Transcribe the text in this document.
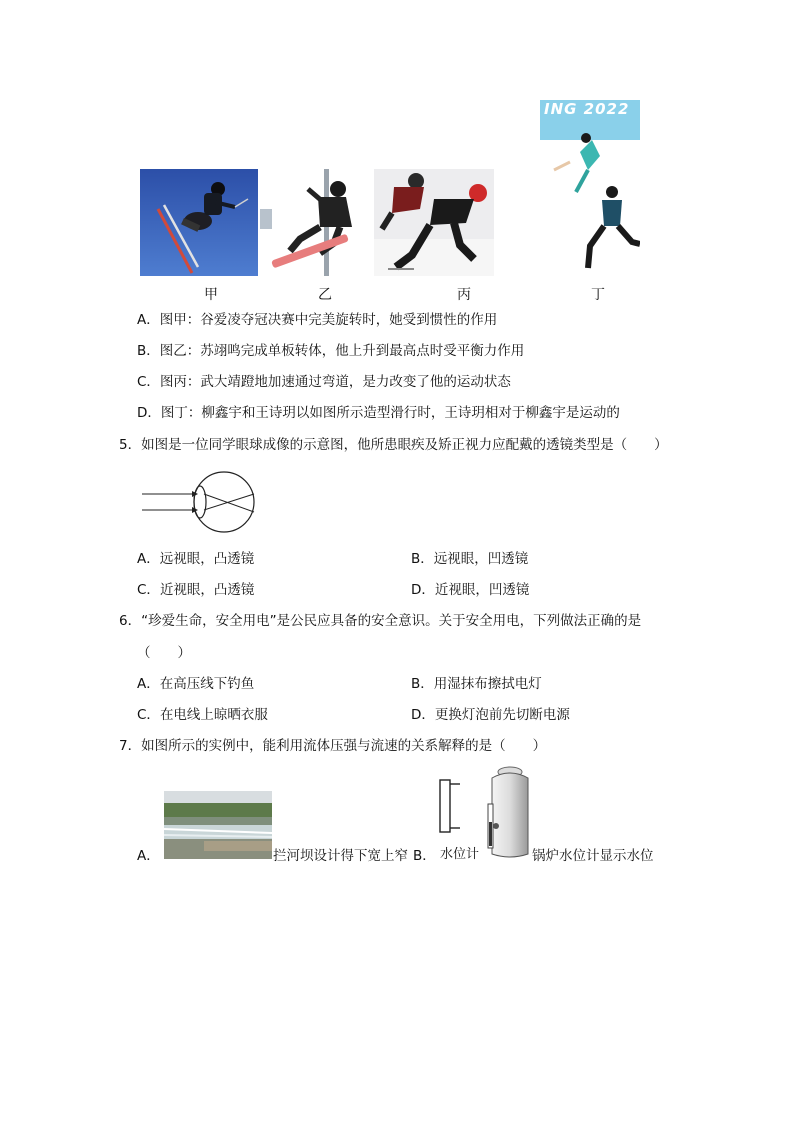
ING 2022
甲	乙	丙	丁
A．图甲：谷爱凌夺冠决赛中完美旋转时，她受到惯性的作用
B．图乙：苏翊鸣完成单板转体，他上升到最高点时受平衡力作用
C．图丙：武大靖蹬地加速通过弯道，是力改变了他的运动状态
D．图丁：柳鑫宇和王诗玥以如图所示造型滑行时，王诗玥相对于柳鑫宇是运动的
5．如图是一位同学眼球成像的示意图，他所患眼疾及矫正视力应配戴的透镜类型是（　　）
A．远视眼，凸透镜	B．远视眼，凹透镜
C．近视眼，凸透镜	D．近视眼，凹透镜
6．“珍爱生命，安全用电”是公民应具备的安全意识。关于安全用电，下列做法正确的是
（　　）
A．在高压线下钓鱼	B．用湿抹布擦拭电灯
C．在电线上晾晒衣服	D．更换灯泡前先切断电源
7．如图所示的实例中，能利用流体压强与流速的关系解释的是（　　）
A．	拦河坝设计得下宽上窄 B． 水位计	锅炉水位计显示水位
